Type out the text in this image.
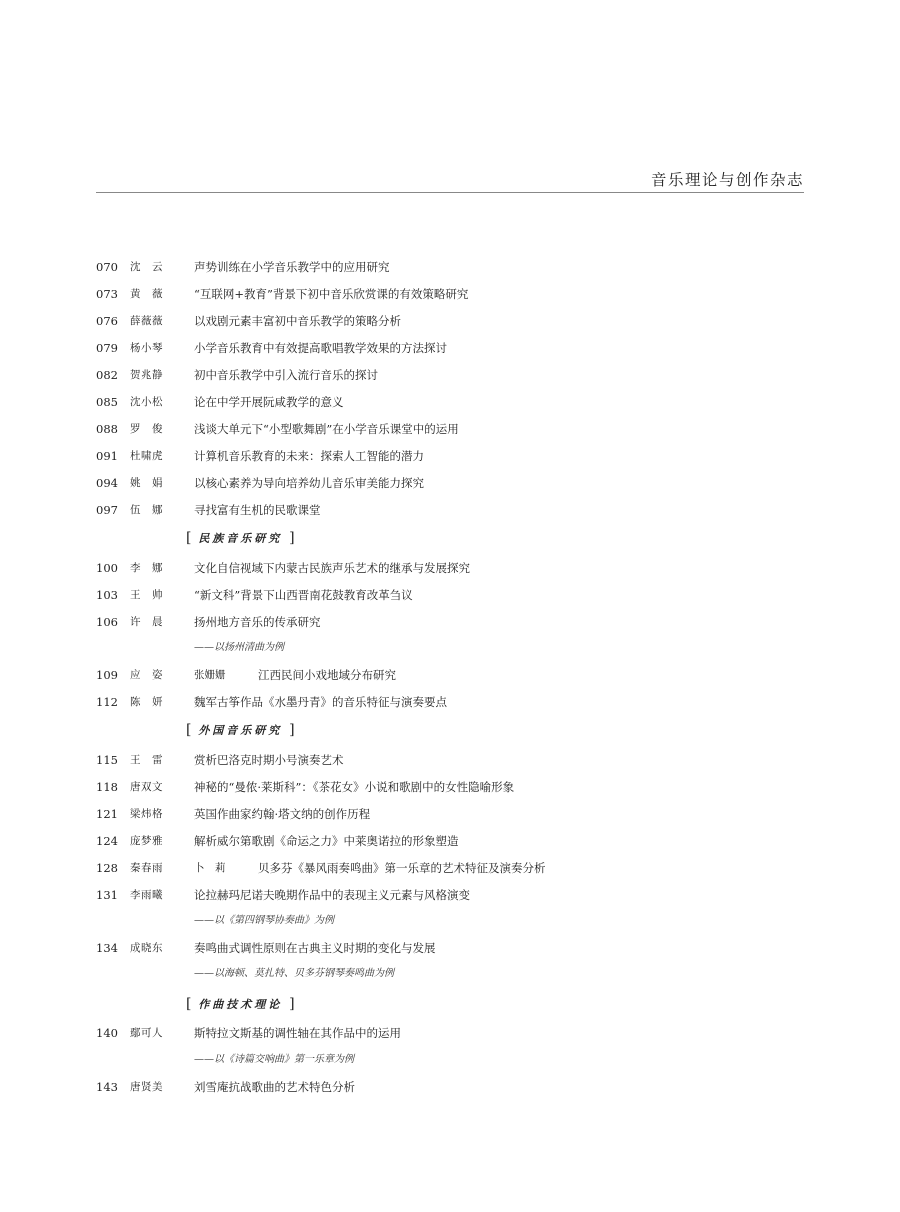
音乐理论与创作杂志
070	沈　云	声势训练在小学音乐教学中的应用研究
073	黄　薇	“互联网+教育”背景下初中音乐欣赏课的有效策略研究
076	薛薇薇	以戏剧元素丰富初中音乐教学的策略分析
079	杨小琴	小学音乐教育中有效提高歌唱教学效果的方法探讨
082	贺兆静	初中音乐教学中引入流行音乐的探讨
085	沈小松	论在中学开展阮咸教学的意义
088	罗　俊	浅谈大单元下“小型歌舞剧”在小学音乐课堂中的运用
091	杜啸虎	计算机音乐教育的未来：探索人工智能的潜力
094	姚　娟	以核心素养为导向培养幼儿音乐审美能力探究
097	伍　娜	寻找富有生机的民歌课堂
[ 民族音乐研究 ]
100	李　娜	文化自信视域下内蒙古民族声乐艺术的继承与发展探究
103	王　帅	“新文科”背景下山西晋南花鼓教育改革刍议
106	许　晨	扬州地方音乐的传承研究
——以扬州清曲为例
109	应　姿	张姗姗	江西民间小戏地域分布研究
112	陈　妍	魏军古筝作品《水墨丹青》的音乐特征与演奏要点
[ 外国音乐研究 ]
115	王　雷	赏析巴洛克时期小号演奏艺术
118	唐双文	神秘的“曼侬·莱斯科”：《茶花女》小说和歌剧中的女性隐喻形象
121	梁炜格	英国作曲家约翰·塔文纳的创作历程
124	庞梦雅	解析威尔第歌剧《命运之力》中莱奥诺拉的形象塑造
128	秦春雨	卜　莉	贝多芬《暴风雨奏鸣曲》第一乐章的艺术特征及演奏分析
131	李雨曦	论拉赫玛尼诺夫晚期作品中的表现主义元素与风格演变
——以《第四钢琴协奏曲》为例
134	成晓东	奏鸣曲式调性原则在古典主义时期的变化与发展
——以海顿、莫扎特、贝多芬钢琴奏鸣曲为例
[ 作曲技术理论 ]
140	鄢可人	斯特拉文斯基的调性轴在其作品中的运用
——以《诗篇交响曲》第一乐章为例
143	唐贤美	刘雪庵抗战歌曲的艺术特色分析
